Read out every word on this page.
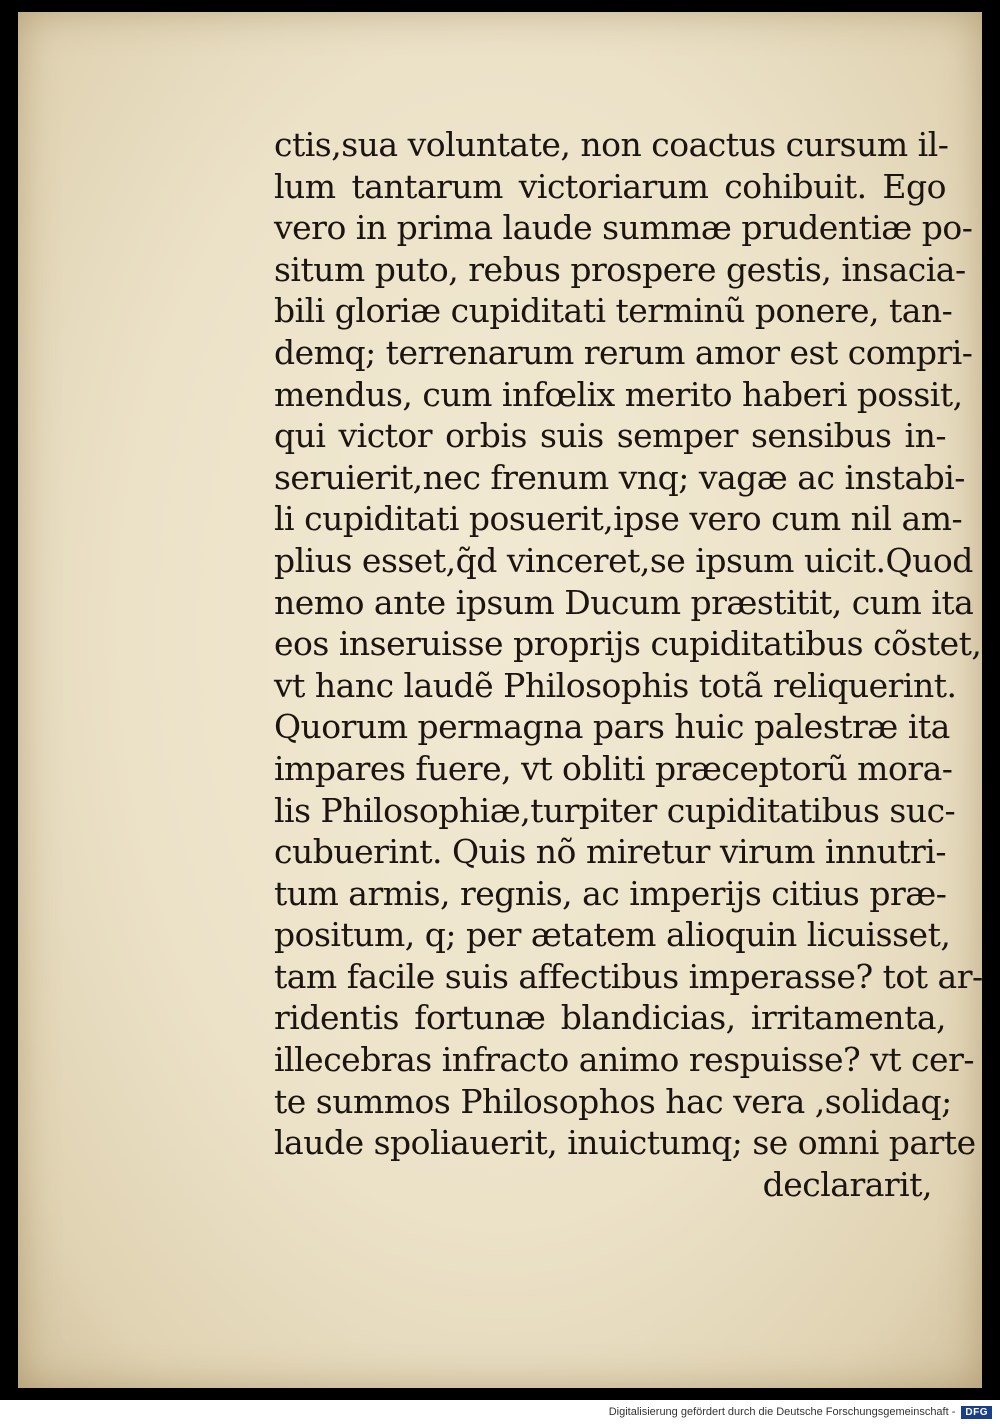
ctis,sua voluntate, non coactus cursum il-
lum tantarum victoriarum cohibuit. Ego
vero in prima laude summæ prudentiæ po-
situm puto, rebus prospere gestis, insacia-
bili gloriæ cupiditati terminũ ponere, tan-
demq; terrenarum rerum amor est compri-
mendus, cum infœlix merito haberi possit,
qui victor orbis suis semper sensibus in-
seruierit,nec frenum vnq; vagæ ac instabi-
li cupiditati posuerit,ipse vero cum nil am-
plius esset,q̃d vinceret,se ipsum uicit.Quod
nemo ante ipsum Ducum præstitit, cum ita
eos inseruisse proprijs cupiditatibus cõstet,
vt hanc laudẽ Philosophis totã reliquerint.
Quorum permagna pars huic palestræ ita
impares fuere, vt obliti præceptorũ mora-
lis Philosophiæ,turpiter cupiditatibus suc-
cubuerint. Quis nõ miretur virum innutri-
tum armis, regnis, ac imperijs citius præ-
positum, q; per ætatem alioquin licuisset,
tam facile suis affectibus imperasse? tot ar-
ridentis fortunæ blandicias, irritamenta,
illecebras infracto animo respuisse? vt cer-
te summos Philosophos hac vera ,solidaq;
laude spoliauerit, inuictumq; se omni parte
declararit,
Digitalisierung gefördert durch die Deutsche Forschungsgemeinschaft -	DFG
